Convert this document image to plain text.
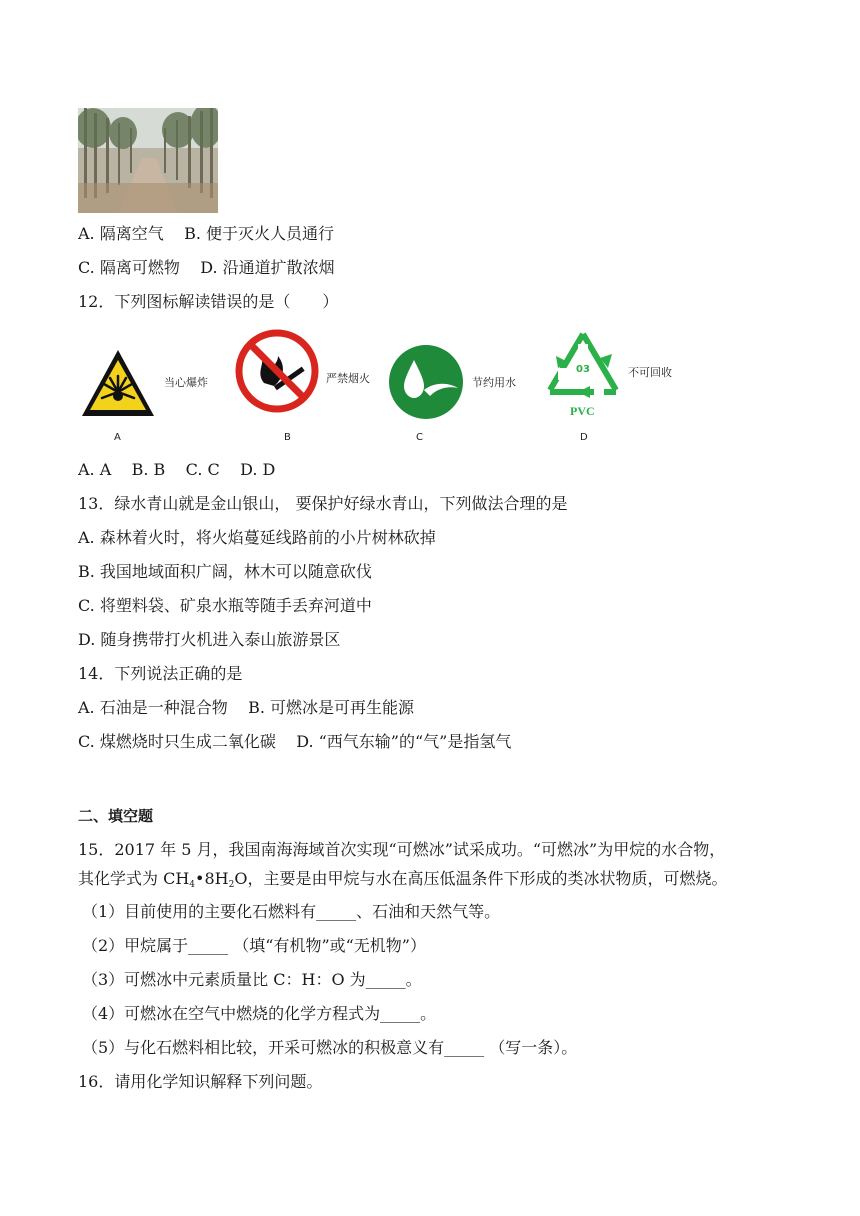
A. 隔离空气    B. 便于灭火人员通行
C. 隔离可燃物    D. 沿通道扩散浓烟
12．下列图标解读错误的是（　　）
当心爆炸
A
严禁烟火
B
节约用水
C
03
PVC
不可回收
D
A. A    B. B    C. C    D. D
13．绿水青山就是金山银山， 要保护好绿水青山，下列做法合理的是
A. 森林着火时，将火焰蔓延线路前的小片树林砍掉
B. 我国地域面积广阔，林木可以随意砍伐
C. 将塑料袋、矿泉水瓶等随手丢弃河道中
D. 随身携带打火机进入泰山旅游景区
14．下列说法正确的是
A. 石油是一种混合物    B. 可燃冰是可再生能源
C. 煤燃烧时只生成二氧化碳    D. “西气东输”的“气”是指氢气
二、填空题
15．2017 年 5 月，我国南海海域首次实现“可燃冰”试采成功。“可燃冰”为甲烷的水合物，
其化学式为 $CH_4•8H_2O$，主要是由甲烷与水在高压低温条件下形成的类冰状物质，可燃烧。
（1）目前使用的主要化石燃料有_____、石油和天然气等。
（2）甲烷属于_____ （填“有机物”或“无机物”）
（3）可燃冰中元素质量比 C：H：O 为_____。
（4）可燃冰在空气中燃烧的化学方程式为_____。
（5）与化石燃料相比较，开采可燃冰的积极意义有_____ （写一条）。
16．请用化学知识解释下列问题。
